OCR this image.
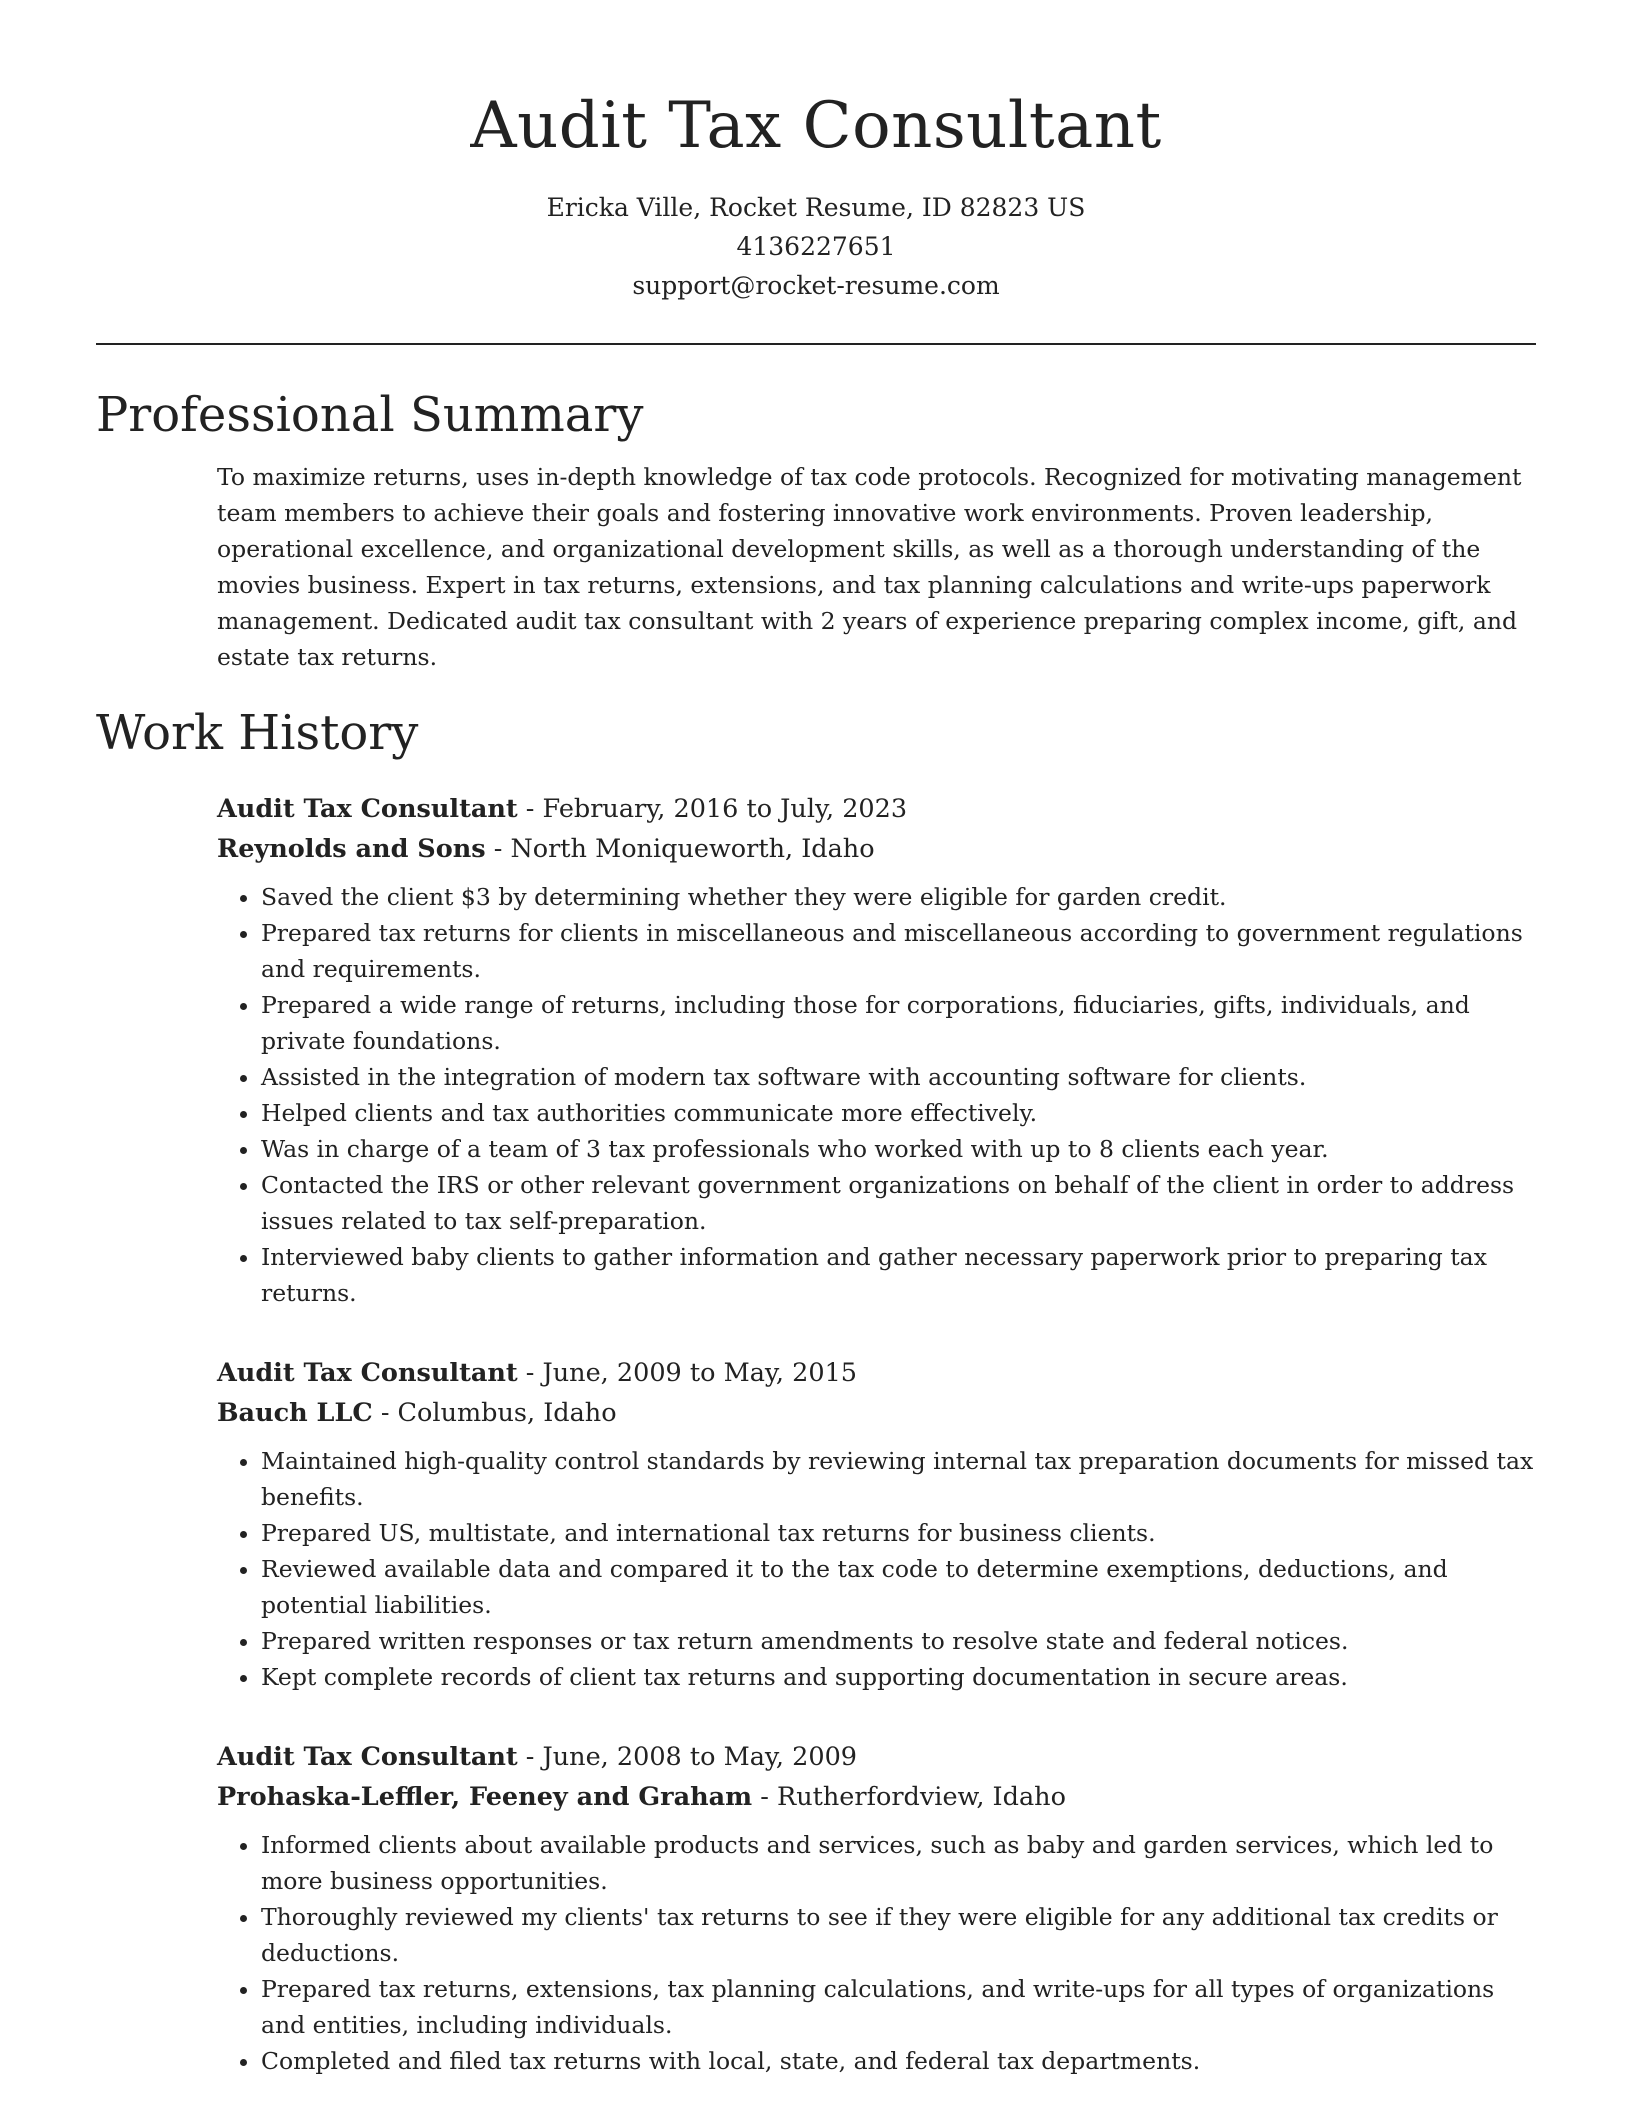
Audit Tax Consultant
Ericka Ville, Rocket Resume, ID 82823 US
4136227651
support@rocket-resume.com
Professional Summary

To maximize returns, uses in-depth knowledge of tax code protocols. Recognized for motivating management team members to achieve their goals and fostering innovative work environments. Proven leadership, operational excellence, and organizational development skills, as well as a thorough understanding of the movies business. Expert in tax returns, extensions, and tax planning calculations and write-ups paperwork management. Dedicated audit tax consultant with 2 years of experience preparing complex income, gift, and estate tax returns.

Work History
Audit Tax Consultant - February, 2016 to July, 2023
Reynolds and Sons - North Moniqueworth, Idaho
• Saved the client $3 by determining whether they were eligible for garden credit.
• Prepared tax returns for clients in miscellaneous and miscellaneous according to government regulations and requirements.
• Prepared a wide range of returns, including those for corporations, fiduciaries, gifts, individuals, and private foundations.
• Assisted in the integration of modern tax software with accounting software for clients.
• Helped clients and tax authorities communicate more effectively.
• Was in charge of a team of 3 tax professionals who worked with up to 8 clients each year.
• Contacted the IRS or other relevant government organizations on behalf of the client in order to address issues related to tax self-preparation.
• Interviewed baby clients to gather information and gather necessary paperwork prior to preparing tax returns.
Audit Tax Consultant - June, 2009 to May, 2015
Bauch LLC - Columbus, Idaho
• Maintained high-quality control standards by reviewing internal tax preparation documents for missed tax benefits.
• Prepared US, multistate, and international tax returns for business clients.
• Reviewed available data and compared it to the tax code to determine exemptions, deductions, and potential liabilities.
• Prepared written responses or tax return amendments to resolve state and federal notices.
• Kept complete records of client tax returns and supporting documentation in secure areas.
Audit Tax Consultant - June, 2008 to May, 2009
Prohaska-Leffler, Feeney and Graham - Rutherfordview, Idaho
• Informed clients about available products and services, such as baby and garden services, which led to more business opportunities.
• Thoroughly reviewed my clients' tax returns to see if they were eligible for any additional tax credits or deductions.
• Prepared tax returns, extensions, tax planning calculations, and write-ups for all types of organizations and entities, including individuals.
• Completed and filed tax returns with local, state, and federal tax departments.
